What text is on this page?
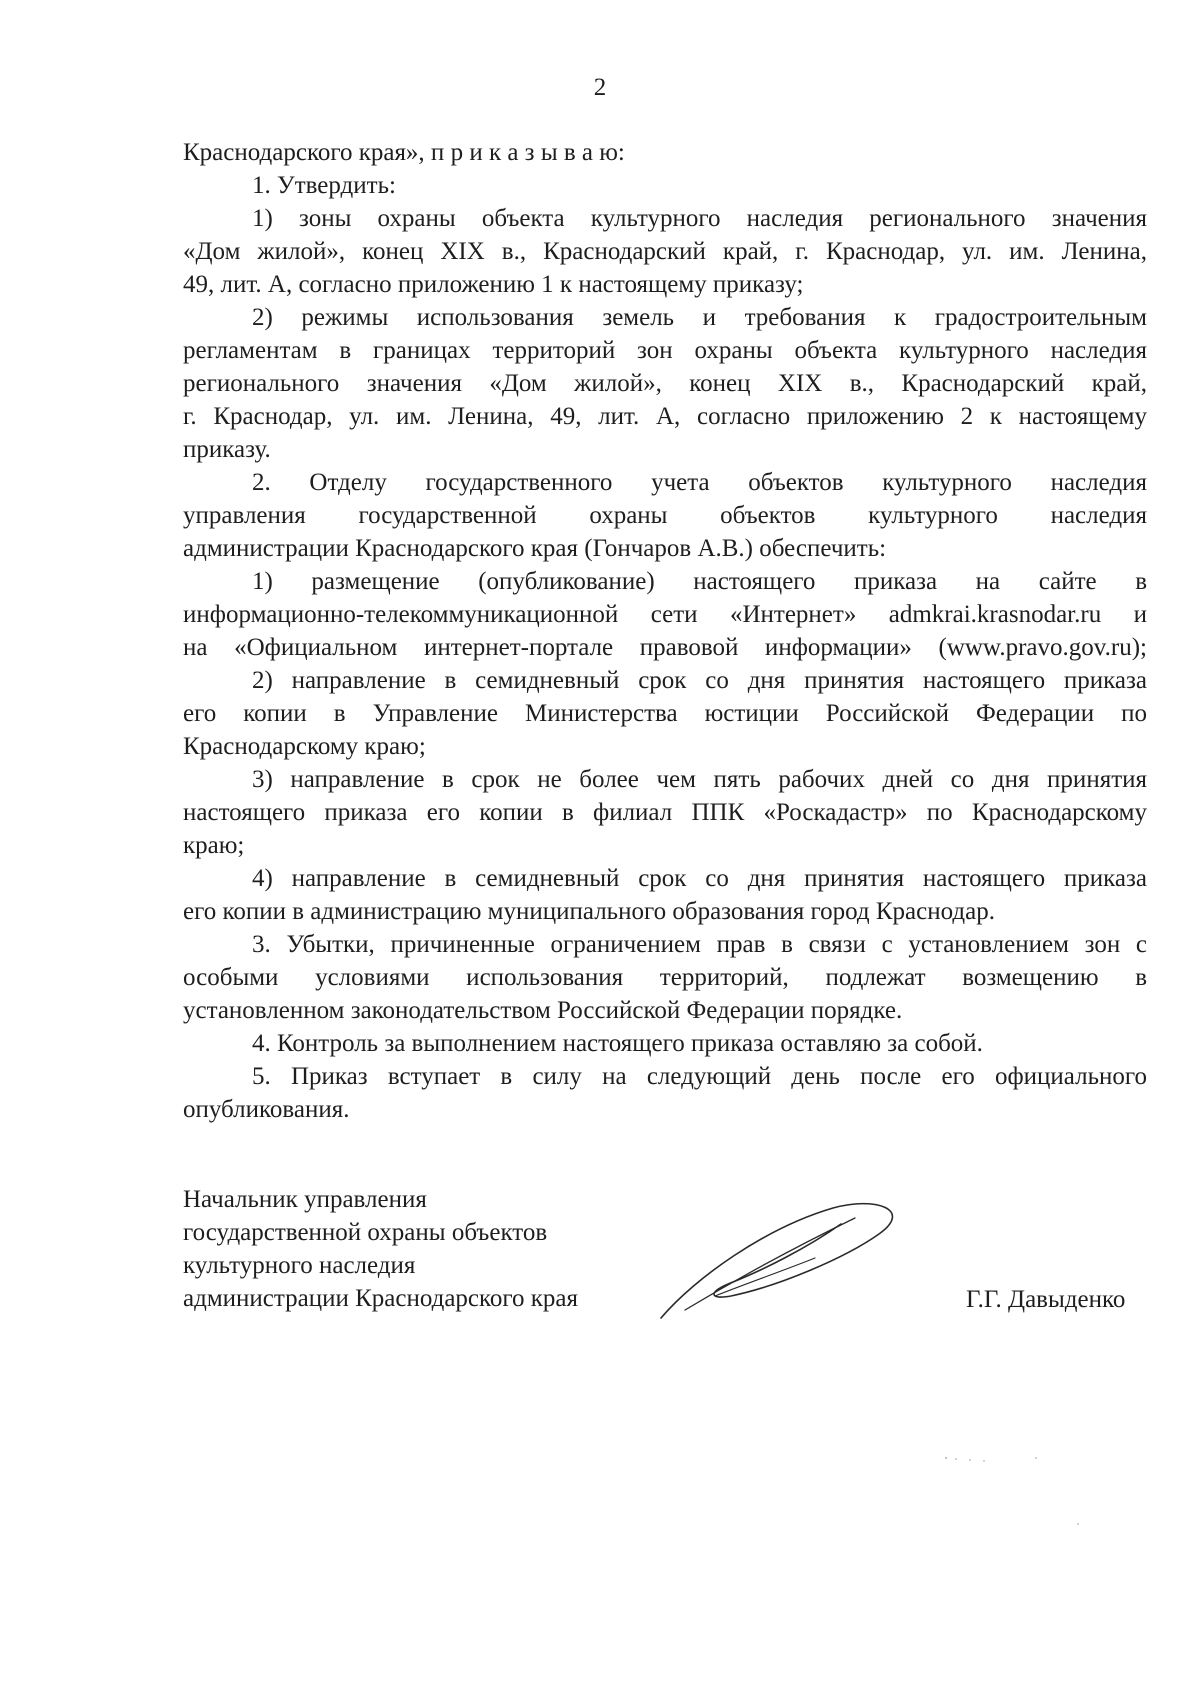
2
Краснодарского края», п р и к а з ы в а ю:
1. Утвердить:
1) зоны охраны объекта культурного наследия регионального значения
«Дом жилой», конец XIX в., Краснодарский край, г. Краснодар, ул. им. Ленина,
49, лит. А, согласно приложению 1 к настоящему приказу;
2) режимы использования земель и требования к градостроительным
регламентам в границах территорий зон охраны объекта культурного наследия
регионального значения «Дом жилой», конец XIX в., Краснодарский край,
г. Краснодар, ул. им. Ленина, 49, лит. А, согласно приложению 2 к настоящему
приказу.
2. Отделу государственного учета объектов культурного наследия
управления государственной охраны объектов культурного наследия
администрации Краснодарского края (Гончаров А.В.) обеспечить:
1) размещение (опубликование) настоящего приказа на сайте в
информационно-телекоммуникационной сети «Интернет» admkrai.krasnodar.ru и
на «Официальном интернет-портале правовой информации» (www.pravo.gov.ru);
2) направление в семидневный срок со дня принятия настоящего приказа
его копии в Управление Министерства юстиции Российской Федерации по
Краснодарскому краю;
3) направление в срок не более чем пять рабочих дней со дня принятия
настоящего приказа его копии в филиал ППК «Роскадастр» по Краснодарскому
краю;
4) направление в семидневный срок со дня принятия настоящего приказа
его копии в администрацию муниципального образования город Краснодар.
3. Убытки, причиненные ограничением прав в связи с установлением зон с
особыми условиями использования территорий, подлежат возмещению в
установленном законодательством Российской Федерации порядке.
4. Контроль за выполнением настоящего приказа оставляю за собой.
5. Приказ вступает в силу на следующий день после его официального
опубликования.
Начальник управления
государственной охраны объектов
культурного наследия
администрации Краснодарского края	Г.Г. Давыденко
